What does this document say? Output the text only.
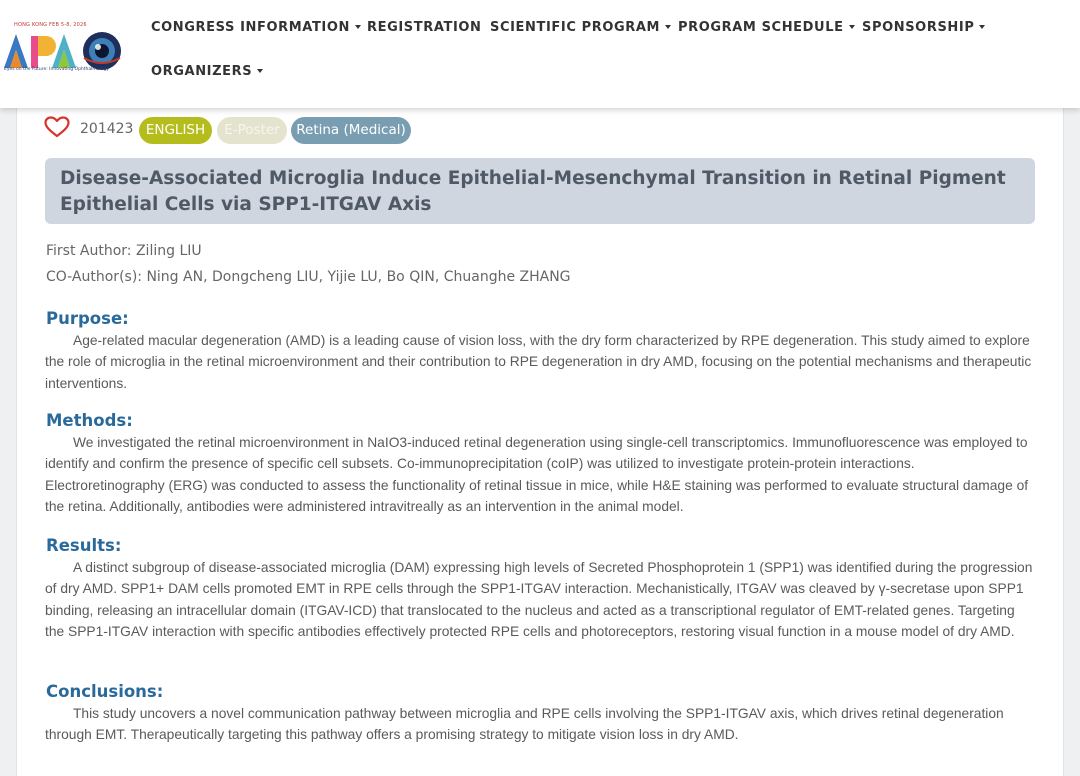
HONG KONG FEB 5-8, 2026
Eyes on the Future: Innovating Ophthalmology
CONGRESS INFORMATION	REGISTRATION SCIENTIFIC PROGRAM	PROGRAM SCHEDULE	SPONSORSHIP
ORGANIZERS
201423 ENGLISH	E-Poster	Retina (Medical)
Disease-Associated Microglia Induce Epithelial-Mesenchymal Transition in Retinal Pigment Epithelial Cells via SPP1-ITGAV Axis
First Author: Ziling LIU
CO-Author(s): Ning AN, Dongcheng LIU, Yijie LU, Bo QIN, Chuanghe ZHANG
Purpose:
Age-related macular degeneration (AMD) is a leading cause of vision loss, with the dry form characterized by RPE degeneration. This study aimed to explore the role of microglia in the retinal microenvironment and their contribution to RPE degeneration in dry AMD, focusing on the potential mechanisms and therapeutic interventions.
Methods:
We investigated the retinal microenvironment in NaIO3-induced retinal degeneration using single-cell transcriptomics. Immunofluorescence was employed to identify and confirm the presence of specific cell subsets. Co-immunoprecipitation (coIP) was utilized to investigate protein-protein interactions. Electroretinography (ERG) was conducted to assess the functionality of retinal tissue in mice, while H&E staining was performed to evaluate structural damage of the retina. Additionally, antibodies were administered intravitreally as an intervention in the animal model.
Results:
A distinct subgroup of disease-associated microglia (DAM) expressing high levels of Secreted Phosphoprotein 1 (SPP1) was identified during the progression of dry AMD. SPP1+ DAM cells promoted EMT in RPE cells through the SPP1-ITGAV interaction. Mechanistically, ITGAV was cleaved by γ-secretase upon SPP1 binding, releasing an intracellular domain (ITGAV-ICD) that translocated to the nucleus and acted as a transcriptional regulator of EMT-related genes. Targeting the SPP1-ITGAV interaction with specific antibodies effectively protected RPE cells and photoreceptors, restoring visual function in a mouse model of dry AMD.
Conclusions:
This study uncovers a novel communication pathway between microglia and RPE cells involving the SPP1-ITGAV axis, which drives retinal degeneration through EMT. Therapeutically targeting this pathway offers a promising strategy to mitigate vision loss in dry AMD.
